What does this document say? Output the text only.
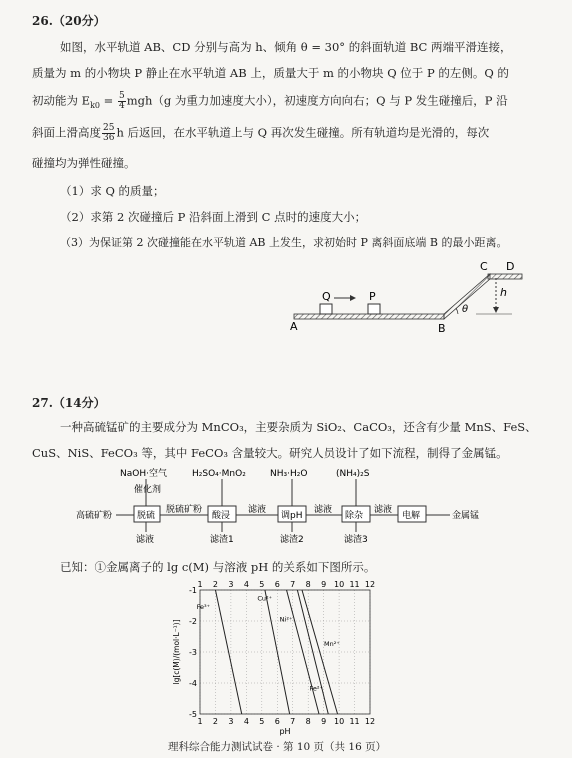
26.（20分）
如图，水平轨道 AB、CD 分别与高为 h、倾角 θ = 30° 的斜面轨道 BC 两端平滑连接，
质量为 m 的小物块 P 静止在水平轨道 AB 上，质量大于 m 的小物块 Q 位于 P 的左侧。Q 的
初动能为 $E_{k0} = \frac{5}{4} mgh(g$ 为重力加速度大小），初速度方向向右；Q 与 P 发生碰撞后，P 沿
斜面上滑高度 $\frac{25}{36}$ h 后返回，在水平轨道上与 Q 再次发生碰撞。所有轨道均是光滑的，每次
碰撞均为弹性碰撞。
（1）求 Q 的质量；
（2）求第 2 次碰撞后 P 沿斜面上滑到 C 点时的速度大小；
（3）为保证第 2 次碰撞能在水平轨道 AB 上发生，求初始时 P 离斜面底端 B 的最小距离。
A	B
C D
Q	P	h
θ
27.（14分）
一种高硫锰矿的主要成分为 MnCO₃，主要杂质为 SiO₂、CaCO₃，还含有少量 MnS、FeS、
CuS、NiS、FeCO₃ 等，其中 FeCO₃ 含量较大。研究人员设计了如下流程，制得了金属锰。
NaOH·空气	H₂SO₄·MnO₂	NH₃·H₂O	(NH₄)₂S
催化剂
高硫矿粉	脱硫
脱硫矿粉
酸浸
滤液
调pH
滤液
除杂
滤液
电解	金属锰
滤液	滤渣1	滤渣2	滤渣3
已知：①金属离子的 lg c(M) 与溶液 pH 的关系如下图所示。
1
1
2
2
3
3
4
4
5
5
6
6
7
7
8
8
9
9
10
10
11
11
12
12
-1
-2
-3
-4
-5
Fe³⁺
Cu²⁺
Ni²⁺
Fe²⁺
Mn²⁺
pH
lg[c(M)/(mol·L⁻¹)]
理科综合能力测试试卷 · 第 10 页（共 16 页）
